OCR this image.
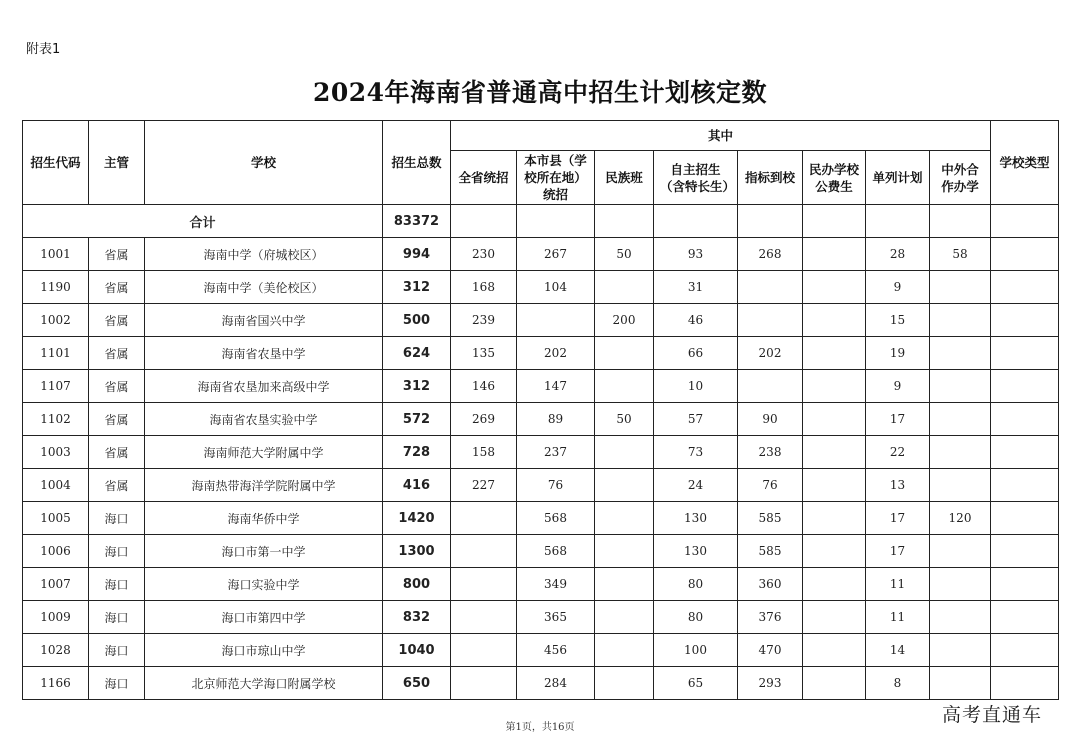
附表1
2024年海南省普通高中招生计划核定数
招生代码	主管	学校	招生总数	其中								学校类型
				全省统招	本市县（学校所在地）统招	民族班	自主招生（含特长生）	指标到校	民办学校公费生	单列计划	中外合作办学	
合计			83372									
1001	省属	海南中学（府城校区）	994	230	267	50	93	268		28	58	
1190	省属	海南中学（美伦校区）	312	168	104		31			9		
1002	省属	海南省国兴中学	500	239		200	46			15		
1101	省属	海南省农垦中学	624	135	202		66	202		19		
1107	省属	海南省农垦加来高级中学	312	146	147		10			9		
1102	省属	海南省农垦实验中学	572	269	89	50	57	90		17		
1003	省属	海南师范大学附属中学	728	158	237		73	238		22		
1004	省属	海南热带海洋学院附属中学	416	227	76		24	76		13		
1005	海口	海南华侨中学	1420		568		130	585		17	120	
1006	海口	海口市第一中学	1300		568		130	585		17		
1007	海口	海口实验中学	800		349		80	360		11		
1009	海口	海口市第四中学	832		365		80	376		11		
1028	海口	海口市琼山中学	1040		456		100	470		14		
1166	海口	北京师范大学海口附属学校	650		284		65	293		8		
第1页，共16页
高考直通车
